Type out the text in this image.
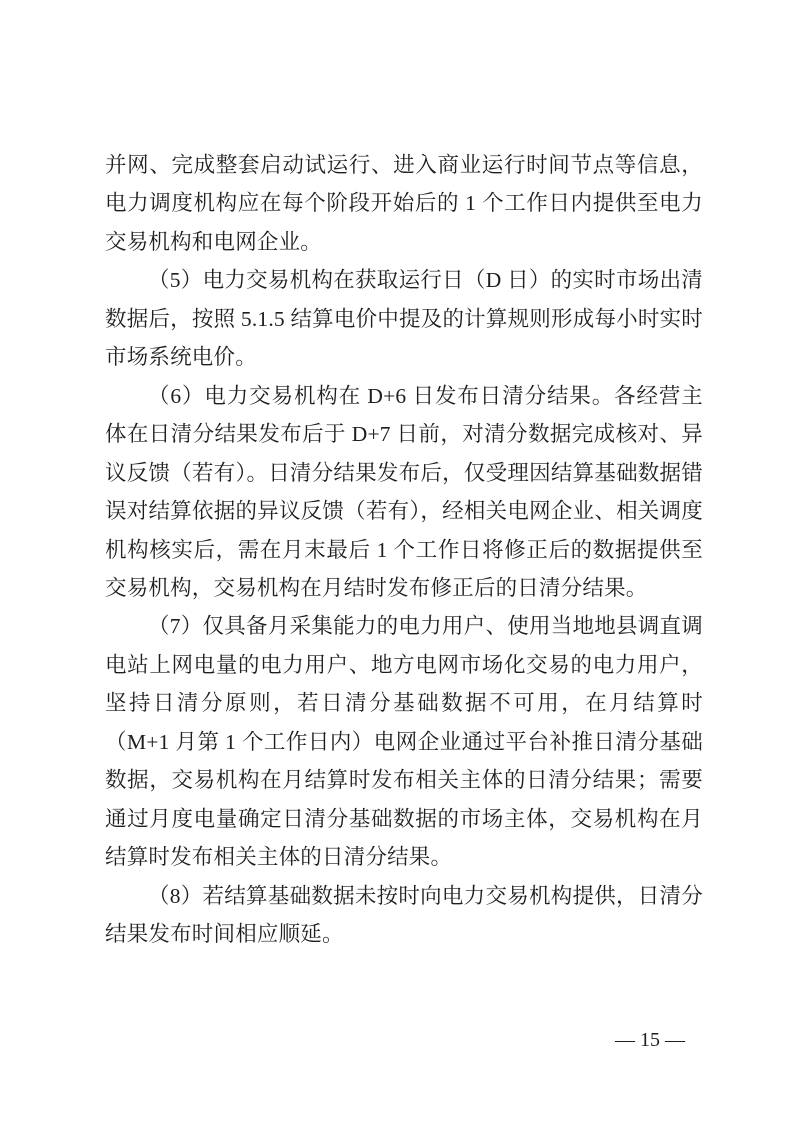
并网、完成整套启动试运行、进入商业运行时间节点等信息，电力调度机构应在每个阶段开始后的 1 个工作日内提供至电力交易机构和电网企业。

（5）电力交易机构在获取运行日（D 日）的实时市场出清数据后，按照 5.1.5 结算电价中提及的计算规则形成每小时实时市场系统电价。

（6）电力交易机构在 D+6 日发布日清分结果。各经营主体在日清分结果发布后于 D+7 日前，对清分数据完成核对、异议反馈（若有）。日清分结果发布后，仅受理因结算基础数据错误对结算依据的异议反馈（若有），经相关电网企业、相关调度机构核实后，需在月末最后 1 个工作日将修正后的数据提供至交易机构，交易机构在月结时发布修正后的日清分结果。

（7）仅具备月采集能力的电力用户、使用当地地县调直调电站上网电量的电力用户、地方电网市场化交易的电力用户，坚持日清分原则，若日清分基础数据不可用，在月结算时（M+1 月第 1 个工作日内）电网企业通过平台补推日清分基础数据，交易机构在月结算时发布相关主体的日清分结果；需要通过月度电量确定日清分基础数据的市场主体，交易机构在月结算时发布相关主体的日清分结果。

（8）若结算基础数据未按时向电力交易机构提供，日清分结果发布时间相应顺延。

— 15 —
